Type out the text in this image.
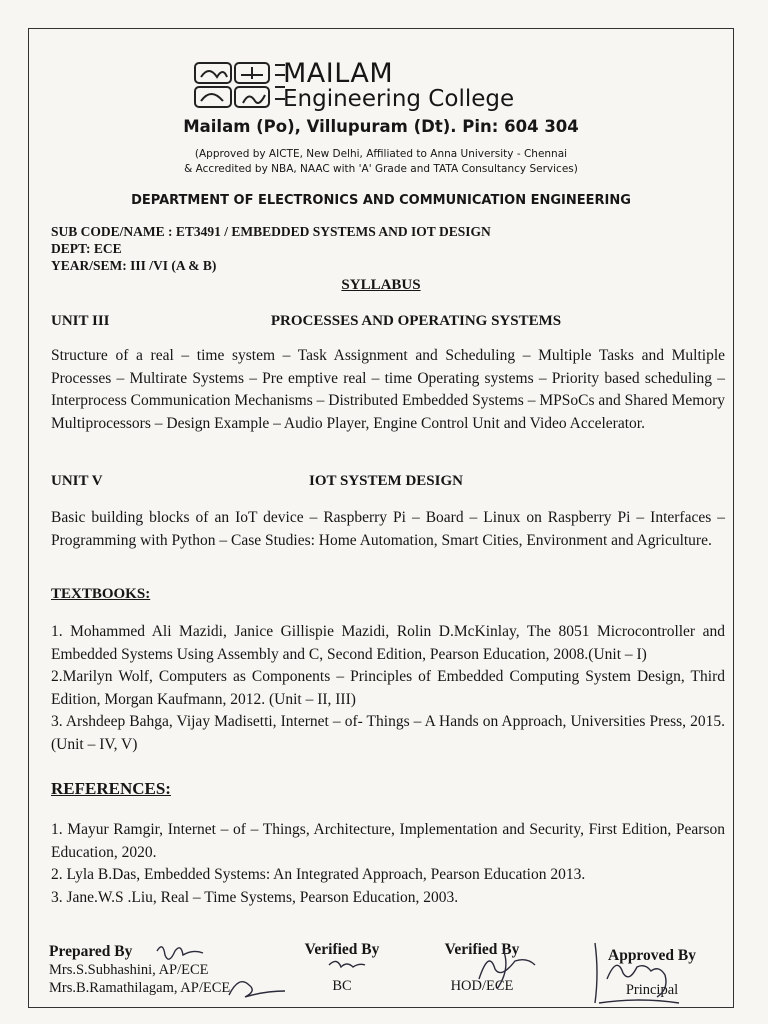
MAILAM
Engineering College
Mailam (Po), Villupuram (Dt). Pin: 604 304
(Approved by AICTE, New Delhi, Affiliated to Anna University - Chennai
& Accredited by NBA, NAAC with 'A' Grade and TATA Consultancy Services)
DEPARTMENT OF ELECTRONICS AND COMMUNICATION ENGINEERING
SUB CODE/NAME : ET3491 / EMBEDDED SYSTEMS AND IOT DESIGN
DEPT: ECE
YEAR/SEM: III /VI (A & B)
SYLLABUS
UNIT III	PROCESSES AND OPERATING SYSTEMS
Structure of a real – time system – Task Assignment and Scheduling – Multiple Tasks and Multiple Processes – Multirate Systems – Pre emptive real – time Operating systems – Priority based scheduling – Interprocess Communication Mechanisms – Distributed Embedded Systems – MPSoCs and Shared Memory Multiprocessors – Design Example – Audio Player, Engine Control Unit and Video Accelerator.
UNIT V	IOT SYSTEM DESIGN
Basic building blocks of an IoT device – Raspberry Pi – Board – Linux on Raspberry Pi – Interfaces – Programming with Python – Case Studies: Home Automation, Smart Cities, Environment and Agriculture.
TEXTBOOKS:

1. Mohammed Ali Mazidi, Janice Gillispie Mazidi, Rolin D.McKinlay, The 8051 Microcontroller and Embedded Systems Using Assembly and C, Second Edition, Pearson Education, 2008.(Unit – I)

2.Marilyn Wolf, Computers as Components – Principles of Embedded Computing System Design, Third Edition, Morgan Kaufmann, 2012. (Unit – II, III)

3. Arshdeep Bahga, Vijay Madisetti, Internet – of- Things – A Hands on Approach, Universities Press, 2015. (Unit – IV, V)

REFERENCES:

1. Mayur Ramgir, Internet – of – Things, Architecture, Implementation and Security, First Edition, Pearson Education, 2020.

2. Lyla B.Das, Embedded Systems: An Integrated Approach, Pearson Education 2013.

3. Jane.W.S .Liu, Real – Time Systems, Pearson Education, 2003.

Prepared By
Mrs.S.Subhashini, AP/ECE
Mrs.B.Ramathilagam, AP/ECE
Verified By
BC
Verified By
HOD/ECE
Approved By
Principal
